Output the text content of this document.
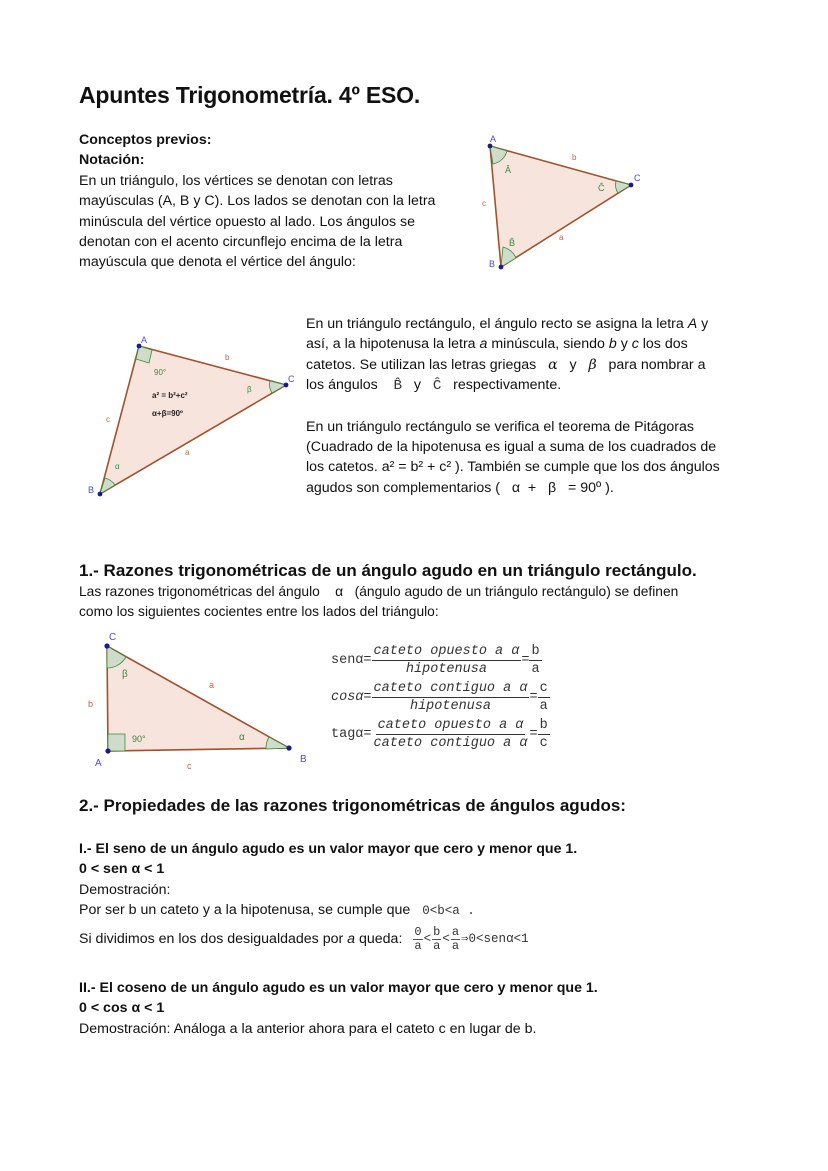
Apuntes Trigonometría. 4º ESO.
Conceptos previos:
Notación:
En un triángulo, los vértices se denotan con letras
mayúsculas (A, B y C). Los lados se denotan con la letra
minúscula del vértice opuesto al lado. Los ángulos se
denotan con el acento circunflejo encima de la letra
mayúscula que denota el vértice del ángulo:
A
C
B
b
c
a
Â
Ĉ
B̂
A
C
B
b
c
a
90°
β
α
a² = b²+c²
α+β=90º
En un triángulo rectángulo, el ángulo recto se asigna la letra A y
así, a la hipotenusa la letra a minúscula, siendo b y c los dos
catetos. Se utilizan las letras griegas   α   y   β   para nombrar a
los ángulos    B̂   y   Ĉ   respectivamente.
En un triángulo rectángulo se verifica el teorema de Pitágoras
(Cuadrado de la hipotenusa es igual a suma de los cuadrados de
los catetos. a² = b² + c² ). También se cumple que los dos ángulos
agudos son complementarios (   α  +   β   = 90º ).
1.- Razones trigonométricas de un ángulo agudo en un triángulo rectángulo.
Las razones trigonométricas del ángulo    α   (ángulo agudo de un triángulo rectángulo) se definen
como los siguientes cocientes entre los lados del triángulo:
C
B
A
b
a
c
90°
β
α
$sen\alpha= \frac{\text{cateto opuesto a α}}{\text{hipotenusa}} = \frac{b}{a}$
$\cos\alpha= \frac{\text{cateto contiguo a α}}{\text{hipotenusa}} = \frac{c}{a}$
$tag\alpha= \frac{\text{cateto opuesto a α}}{\text{cateto contiguo a α}} = \frac{b}{c}$
2.- Propiedades de las razones trigonométricas de ángulos agudos:
I.- El seno de un ángulo agudo es un valor mayor que cero y menor que 1.
0 < sen α < 1
Demostración:
Por ser b un cateto y a la hipotenusa, se cumple que 0<b<a .
Si dividimos en los dos desigualdades por a queda: $\frac{0}{a} < \frac{b}{a} < \frac{a}{a}$ ⇒0<senα<1
II.- El coseno de un ángulo agudo es un valor mayor que cero y menor que 1.
0 < cos α < 1
Demostración: Análoga a la anterior ahora para el cateto c en lugar de b.
